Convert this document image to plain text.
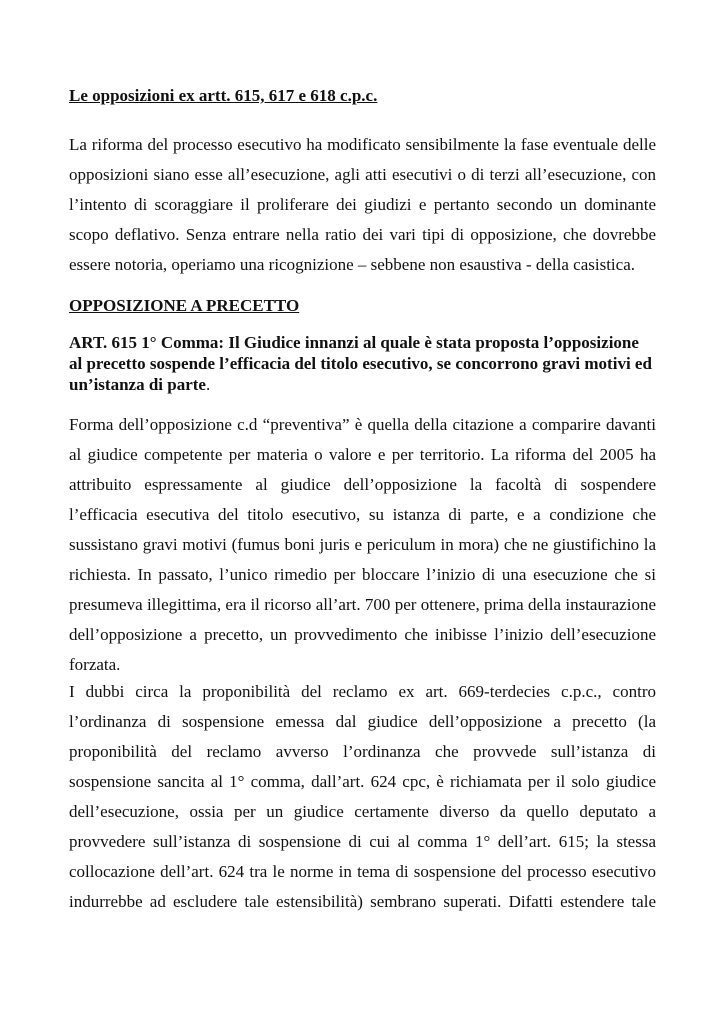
Le opposizioni ex artt. 615, 617 e 618 c.p.c.

La riforma del processo esecutivo ha modificato sensibilmente la fase eventuale delle opposizioni siano esse all’esecuzione, agli atti esecutivi o di terzi all’esecuzione, con l’intento di scoraggiare il proliferare dei giudizi e pertanto secondo un dominante scopo deflativo. Senza entrare nella ratio dei vari tipi di opposizione, che dovrebbe essere notoria, operiamo una ricognizione – sebbene non esaustiva - della casistica.

OPPOSIZIONE A PRECETTO

ART. 615 1° Comma: Il Giudice innanzi al quale è stata proposta l’opposizione al precetto sospende l’efficacia del titolo esecutivo, se concorrono gravi motivi ed un’istanza di parte.

Forma dell’opposizione c.d “preventiva” è quella della citazione a comparire davanti al giudice competente per materia o valore e per territorio. La riforma del 2005 ha attribuito espressamente al giudice dell’opposizione la facoltà di sospendere l’efficacia esecutiva del titolo esecutivo, su istanza di parte, e a condizione che sussistano gravi motivi (fumus boni juris e periculum in mora) che ne giustifichino la richiesta. In passato, l’unico rimedio per bloccare l’inizio di una esecuzione che si presumeva illegittima, era il ricorso all’art. 700 per ottenere, prima della instaurazione dell’opposizione a precetto, un provvedimento che inibisse l’inizio dell’esecuzione forzata.

I dubbi circa la proponibilità del reclamo ex art. 669-terdecies c.p.c., contro l’ordinanza di sospensione emessa dal giudice dell’opposizione a precetto (la proponibilità del reclamo avverso l’ordinanza che provvede sull’istanza di sospensione sancita al 1° comma, dall’art. 624 cpc, è richiamata per il solo giudice dell’esecuzione, ossia per un giudice certamente diverso da quello deputato a provvedere sull’istanza di sospensione di cui al comma 1° dell’art. 615; la stessa collocazione dell’art. 624 tra le norme in tema di sospensione del processo esecutivo indurrebbe ad escludere tale estensibilità) sembrano superati. Difatti estendere tale
